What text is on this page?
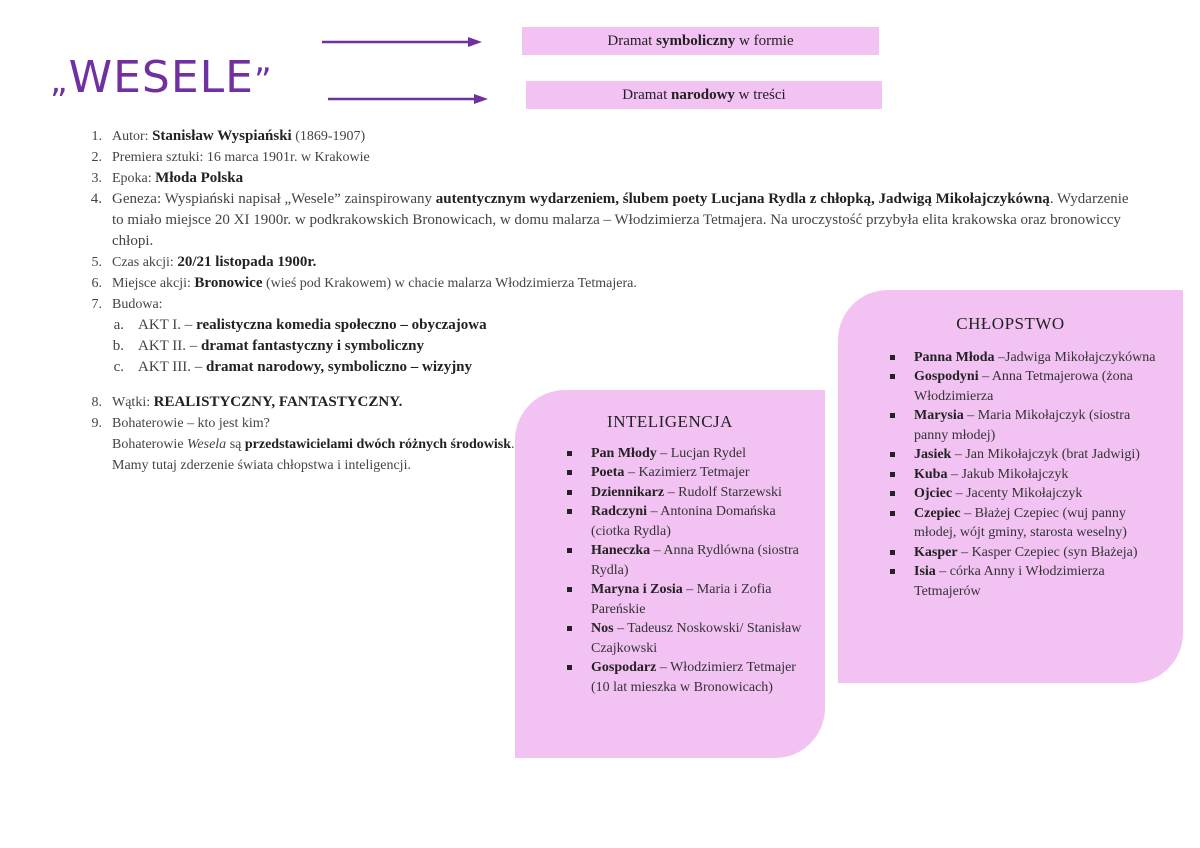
„WESELE”
Dramat symboliczny w formie
Dramat narodowy w treści
1. Autor: Stanisław Wyspiański (1869-1907)
2. Premiera sztuki: 16 marca 1901r. w Krakowie
3. Epoka: Młoda Polska
4. Geneza: Wyspiański napisał „Wesele” zainspirowany autentycznym wydarzeniem, ślubem poety Lucjana Rydla z chłopką, Jadwigą Mikołajczykówną. Wydarzenie to miało miejsce 20 XI 1900r. w podkrakowskich Bronowicach, w domu malarza – Włodzimierza Tetmajera. Na uroczystość przybyła elita krakowska oraz bronowiccy chłopi.
5. Czas akcji: 20/21 listopada 1900r.
6. Miejsce akcji: Bronowice (wieś pod Krakowem) w chacie malarza Włodzimierza Tetmajera.
7. Budowa:
a. AKT I. – realistyczna komedia społeczno – obyczajowa
b. AKT II. – dramat fantastyczny i symboliczny
c. AKT III. – dramat narodowy, symboliczno – wizyjny
8. Wątki: REALISTYCZNY, FANTASTYCZNY.
9. Bohaterowie – kto jest kim?
Bohaterowie Wesela są przedstawicielami dwóch różnych środowisk. Mamy tutaj zderzenie świata chłopstwa i inteligencji.
INTELIGENCJA
Pan Młody – Lucjan Rydel
Poeta – Kazimierz Tetmajer
Dziennikarz – Rudolf Starzewski
Radczyni – Antonina Domańska (ciotka Rydla)
Haneczka – Anna Rydlówna (siostra Rydla)
Maryna i Zosia – Maria i Zofia Pareńskie
Nos – Tadeusz Noskowski/ Stanisław Czajkowski
Gospodarz – Włodzimierz Tetmajer (10 lat mieszka w Bronowicach)
CHŁOPSTWO
Panna Młoda –Jadwiga Mikołajczykówna
Gospodyni – Anna Tetmajerowa (żona Włodzimierza
Marysia – Maria Mikołajczyk (siostra panny młodej)
Jasiek – Jan Mikołajczyk (brat Jadwigi)
Kuba – Jakub Mikołajczyk
Ojciec – Jacenty Mikołajczyk
Czepiec – Błażej Czepiec (wuj panny młodej, wójt gminy, starosta weselny)
Kasper – Kasper Czepiec (syn Błażeja)
Isia – córka Anny i Włodzimierza Tetmajerów
